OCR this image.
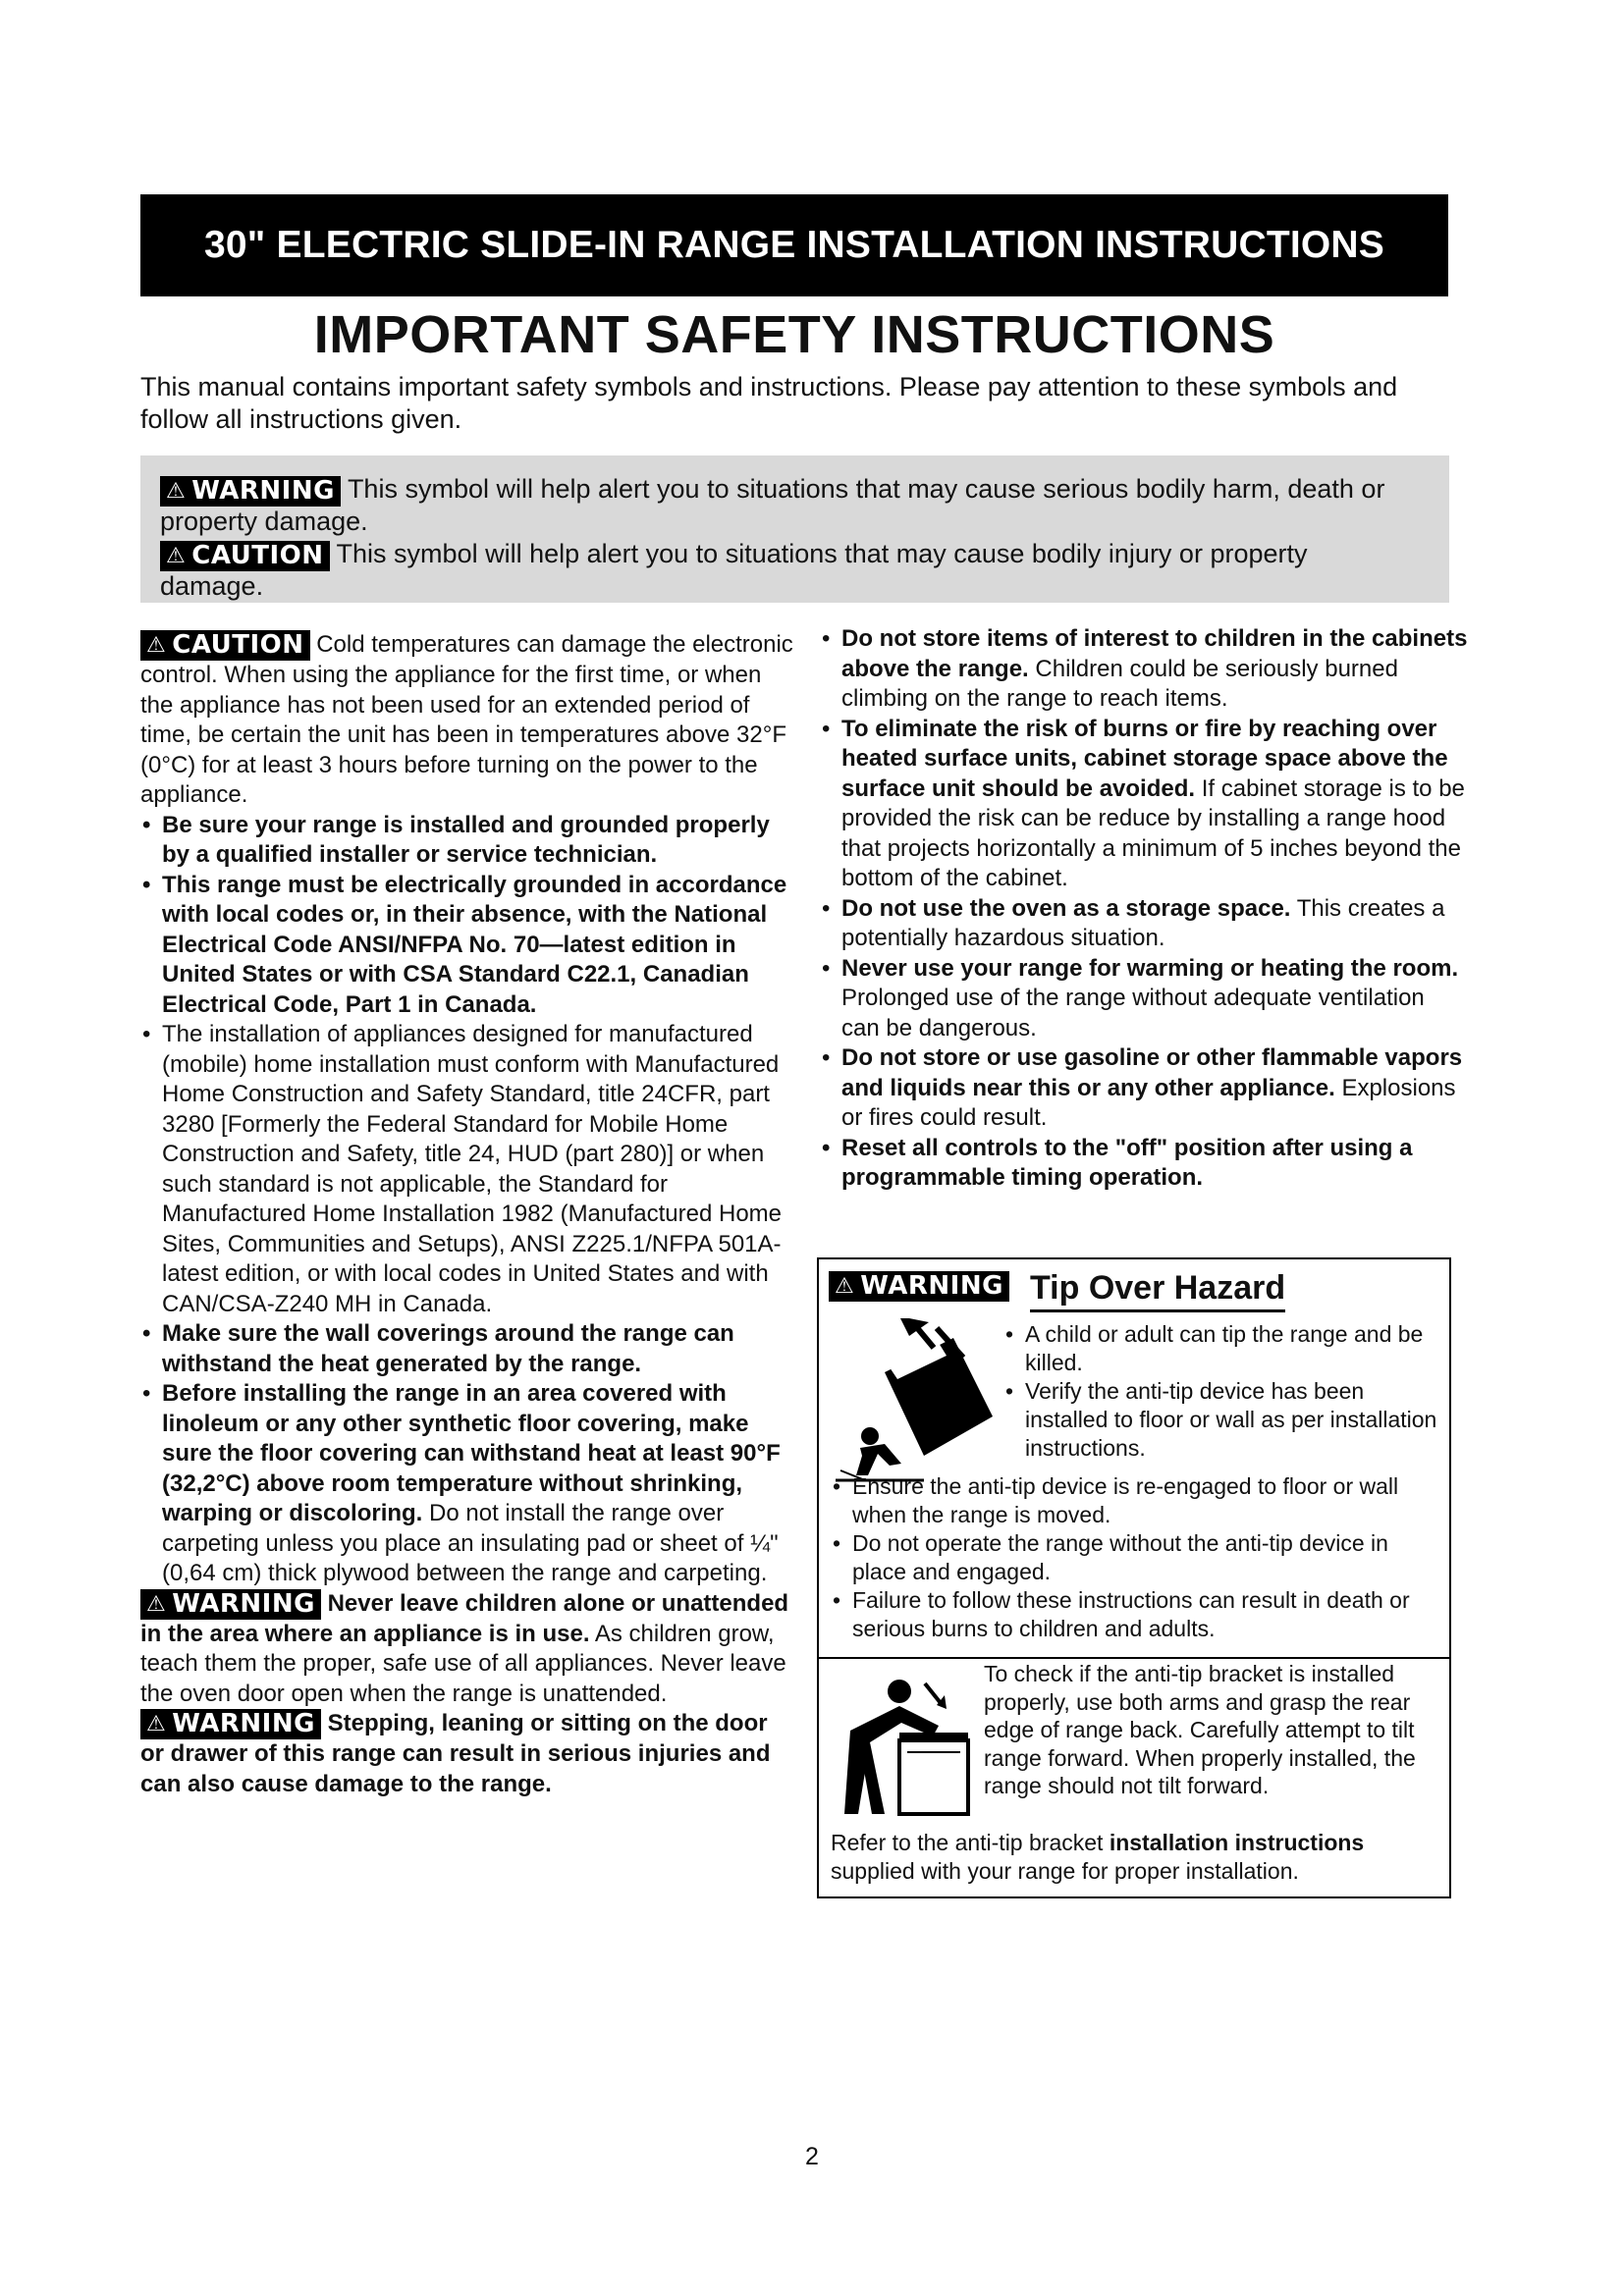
30" ELECTRIC SLIDE-IN RANGE INSTALLATION INSTRUCTIONS
IMPORTANT SAFETY INSTRUCTIONS
This manual contains important safety symbols and instructions. Please pay attention to these symbols and follow all instructions given.
⚠ WARNING This symbol will help alert you to situations that may cause serious bodily harm, death or
property damage.
⚠ CAUTION This symbol will help alert you to situations that may cause bodily injury or property
damage.

⚠ CAUTION Cold temperatures can damage the electronic control. When using the appliance for the first time, or when the appliance has not been used for an extended period of time, be certain the unit has been in temperatures above 32°F (0°C) for at least 3 hours before turning on the power to the appliance.

• Be sure your range is installed and grounded properly by a qualified installer or service technician.

• This range must be electrically grounded in accordance with local codes or, in their absence, with the National Electrical Code ANSI/NFPA No. 70—latest edition in United States or with CSA Standard C22.1, Canadian Electrical Code, Part 1 in Canada.

• The installation of appliances designed for manufactured (mobile) home installation must conform with Manufactured Home Construction and Safety Standard, title 24CFR, part 3280 [Formerly the Federal Standard for Mobile Home Construction and Safety, title 24, HUD (part 280)] or when such standard is not applicable, the Standard for Manufactured Home Installation 1982 (Manufactured Home Sites, Communities and Setups), ANSI Z225.1/NFPA 501A-latest edition, or with local codes in United States and with CAN/CSA-Z240 MH in Canada.

• Make sure the wall coverings around the range can withstand the heat generated by the range.

• Before installing the range in an area covered with linoleum or any other synthetic floor covering, make sure the floor covering can withstand heat at least 90°F (32,2°C) above room temperature without shrinking, warping or discoloring. Do not install the range over carpeting unless you place an insulating pad or sheet of ¼" (0,64 cm) thick plywood between the range and carpeting.

⚠ WARNING Never leave children alone or unattended in the area where an appliance is in use. As children grow, teach them the proper, safe use of all appliances. Never leave the oven door open when the range is unattended.

⚠ WARNING Stepping, leaning or sitting on the door or drawer of this range can result in serious injuries and can also cause damage to the range.

• Do not store items of interest to children in the cabinets above the range. Children could be seriously burned climbing on the range to reach items.

• To eliminate the risk of burns or fire by reaching over heated surface units, cabinet storage space above the surface unit should be avoided. If cabinet storage is to be provided the risk can be reduce by installing a range hood that projects horizontally a minimum of 5 inches beyond the bottom of the cabinet.

• Do not use the oven as a storage space. This creates a potentially hazardous situation.

• Never use your range for warming or heating the room. Prolonged use of the range without adequate ventilation can be dangerous.

• Do not store or use gasoline or other flammable vapors and liquids near this or any other appliance. Explosions or fires could result.

• Reset all controls to the "off" position after using a programmable timing operation.

⚠ WARNING Tip Over Hazard

• A child or adult can tip the range and be killed.

• Verify the anti-tip device has been installed to floor or wall as per installation instructions.

• Ensure the anti-tip device is re-engaged to floor or wall when the range is moved.

• Do not operate the range without the anti-tip device in place and engaged.

• Failure to follow these instructions can result in death or serious burns to children and adults.

To check if the anti-tip bracket is installed properly, use both arms and grasp the rear edge of range back. Carefully attempt to tilt range forward. When properly installed, the range should not tilt forward.
Refer to the anti-tip bracket installation instructions supplied with your range for proper installation.
2
